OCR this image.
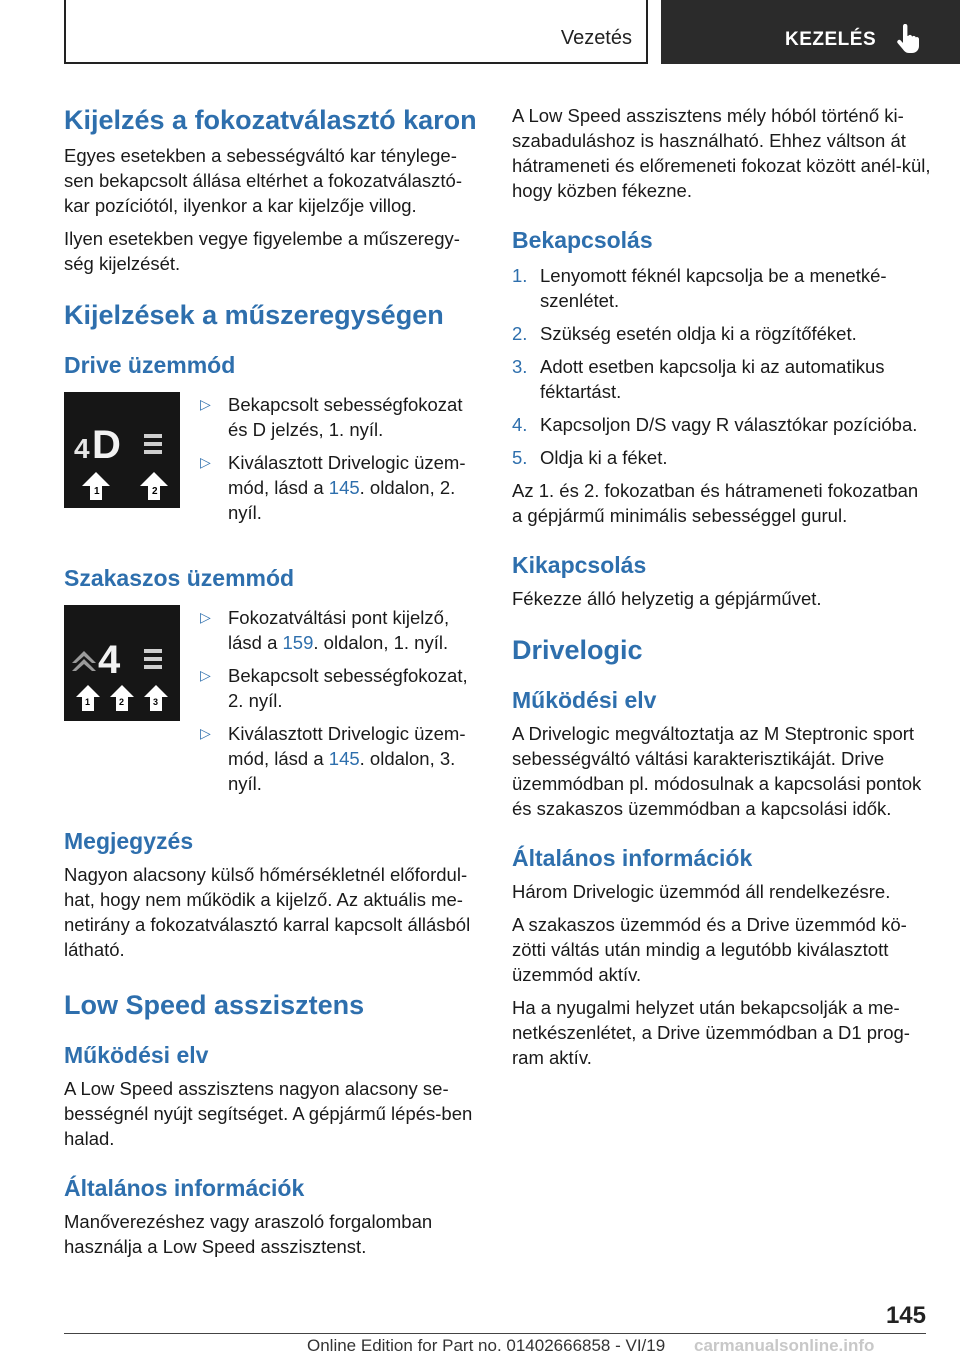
Vezetés	KEZELÉS
Kijelzés a fokozatválasztó karon

Egyes esetekben a sebességváltó kar ténylege-sen bekapcsolt állása eltérhet a fokozatválasztó-kar pozíciótól, ilyenkor a kar kijelzője villog.

Ilyen esetekben vegye figyelembe a műszeregy-ség kijelzését.

Kijelzések a műszeregységen
Drive üzemmód
4 D
1	2
▷ Bekapcsolt sebességfokozat és D jelzés, 1. nyíl.
▷ Kiválasztott Drivelogic üzem-mód, lásd a 145. oldalon, 2. nyíl.
Szakaszos üzemmód
4
1	2	3
▷ Fokozatváltási pont kijelző, lásd a 159. oldalon, 1. nyíl.
▷ Bekapcsolt sebességfokozat, 2. nyíl.
▷ Kiválasztott Drivelogic üzem-mód, lásd a 145. oldalon, 3. nyíl.
Megjegyzés

Nagyon alacsony külső hőmérsékletnél előfordul-hat, hogy nem működik a kijelző. Az aktuális me-netirány a fokozatválasztó karral kapcsolt állásból látható.

Low Speed asszisztens
Működési elv

A Low Speed asszisztens nagyon alacsony se-bességnél nyújt segítséget. A gépjármű lépés-ben halad.

Általános információk

Manőverezéshez vagy araszoló forgalomban használja a Low Speed asszisztenst.

A Low Speed asszisztens mély hóból történő ki-szabaduláshoz is használható. Ehhez váltson át hátrameneti és előremeneti fokozat között anél-kül, hogy közben fékezne.

Bekapcsolás
1. Lenyomott féknél kapcsolja be a menetké-szenlétet.
2. Szükség esetén oldja ki a rögzítőféket.
3. Adott esetben kapcsolja ki az automatikus féktartást.
4. Kapcsoljon D/S vagy R választókar pozícióba.
5. Oldja ki a féket.

Az 1. és 2. fokozatban és hátrameneti fokozatban a gépjármű minimális sebességgel gurul.

Kikapcsolás

Fékezze álló helyzetig a gépjárművet.

Drivelogic
Működési elv

A Drivelogic megváltoztatja az M Steptronic sport sebességváltó váltási karakterisztikáját. Drive üzemmódban pl. módosulnak a kapcsolási pontok és szakaszos üzemmódban a kapcsolási idők.

Általános információk

Három Drivelogic üzemmód áll rendelkezésre.

A szakaszos üzemmód és a Drive üzemmód kö-zötti váltás után mindig a legutóbb kiválasztott üzemmód aktív.

Ha a nyugalmi helyzet után bekapcsolják a me-netkészenlétet, a Drive üzemmódban a D1 prog-ram aktív.

145
Online Edition for Part no. 01402666858 - VI/19 carmanualsonline.info
